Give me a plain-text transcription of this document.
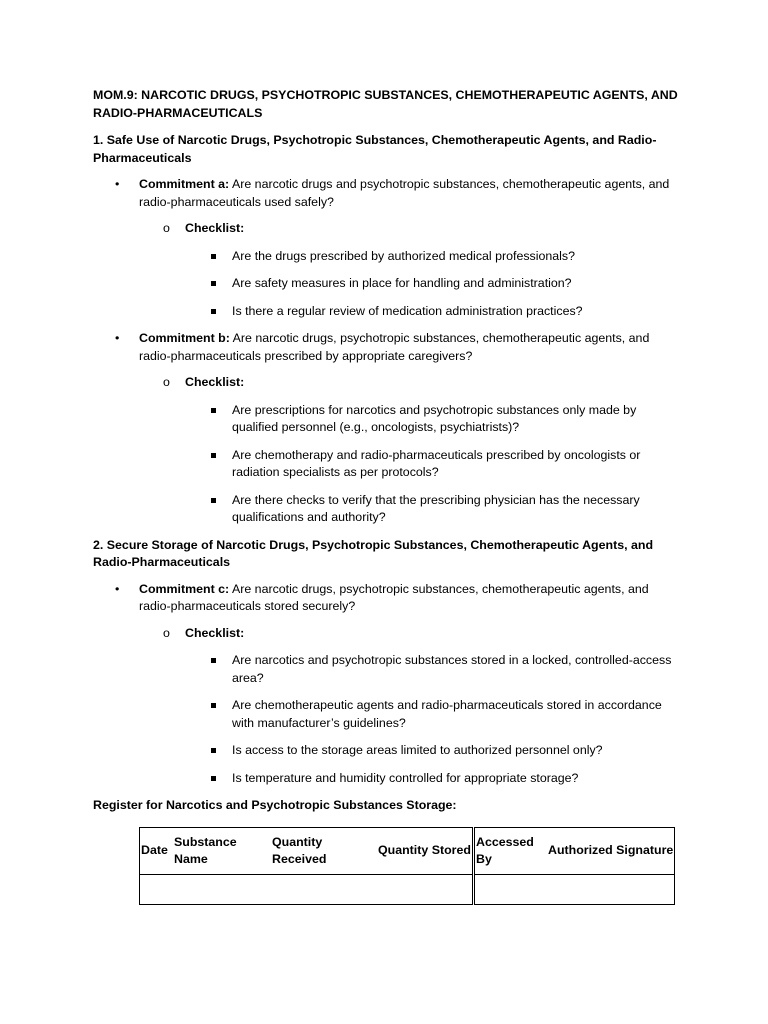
MOM.9: NARCOTIC DRUGS, PSYCHOTROPIC SUBSTANCES, CHEMOTHERAPEUTIC AGENTS, AND RADIO-PHARMACEUTICALS

1. Safe Use of Narcotic Drugs, Psychotropic Substances, Chemotherapeutic Agents, and Radio-Pharmaceuticals

• Commitment a: Are narcotic drugs and psychotropic substances, chemotherapeutic agents, and radio-pharmaceuticals used safely?
o Checklist:
Are the drugs prescribed by authorized medical professionals?
Are safety measures in place for handling and administration?
Is there a regular review of medication administration practices?
• Commitment b: Are narcotic drugs, psychotropic substances, chemotherapeutic agents, and radio-pharmaceuticals prescribed by appropriate caregivers?
o Checklist:
Are prescriptions for narcotics and psychotropic substances only made by qualified personnel (e.g., oncologists, psychiatrists)?
Are chemotherapy and radio-pharmaceuticals prescribed by oncologists or radiation specialists as per protocols?
Are there checks to verify that the prescribing physician has the necessary qualifications and authority?

2. Secure Storage of Narcotic Drugs, Psychotropic Substances, Chemotherapeutic Agents, and Radio-Pharmaceuticals

• Commitment c: Are narcotic drugs, psychotropic substances, chemotherapeutic agents, and radio-pharmaceuticals stored securely?
o Checklist:
Are narcotics and psychotropic substances stored in a locked, controlled-access area?
Are chemotherapeutic agents and radio-pharmaceuticals stored in accordance with manufacturer’s guidelines?
Is access to the storage areas limited to authorized personnel only?
Is temperature and humidity controlled for appropriate storage?

Register for Narcotics and Psychotropic Substances Storage:

Date	Substance Name	Quantity Received	Quantity Stored	Accessed By	Authorized Signature
